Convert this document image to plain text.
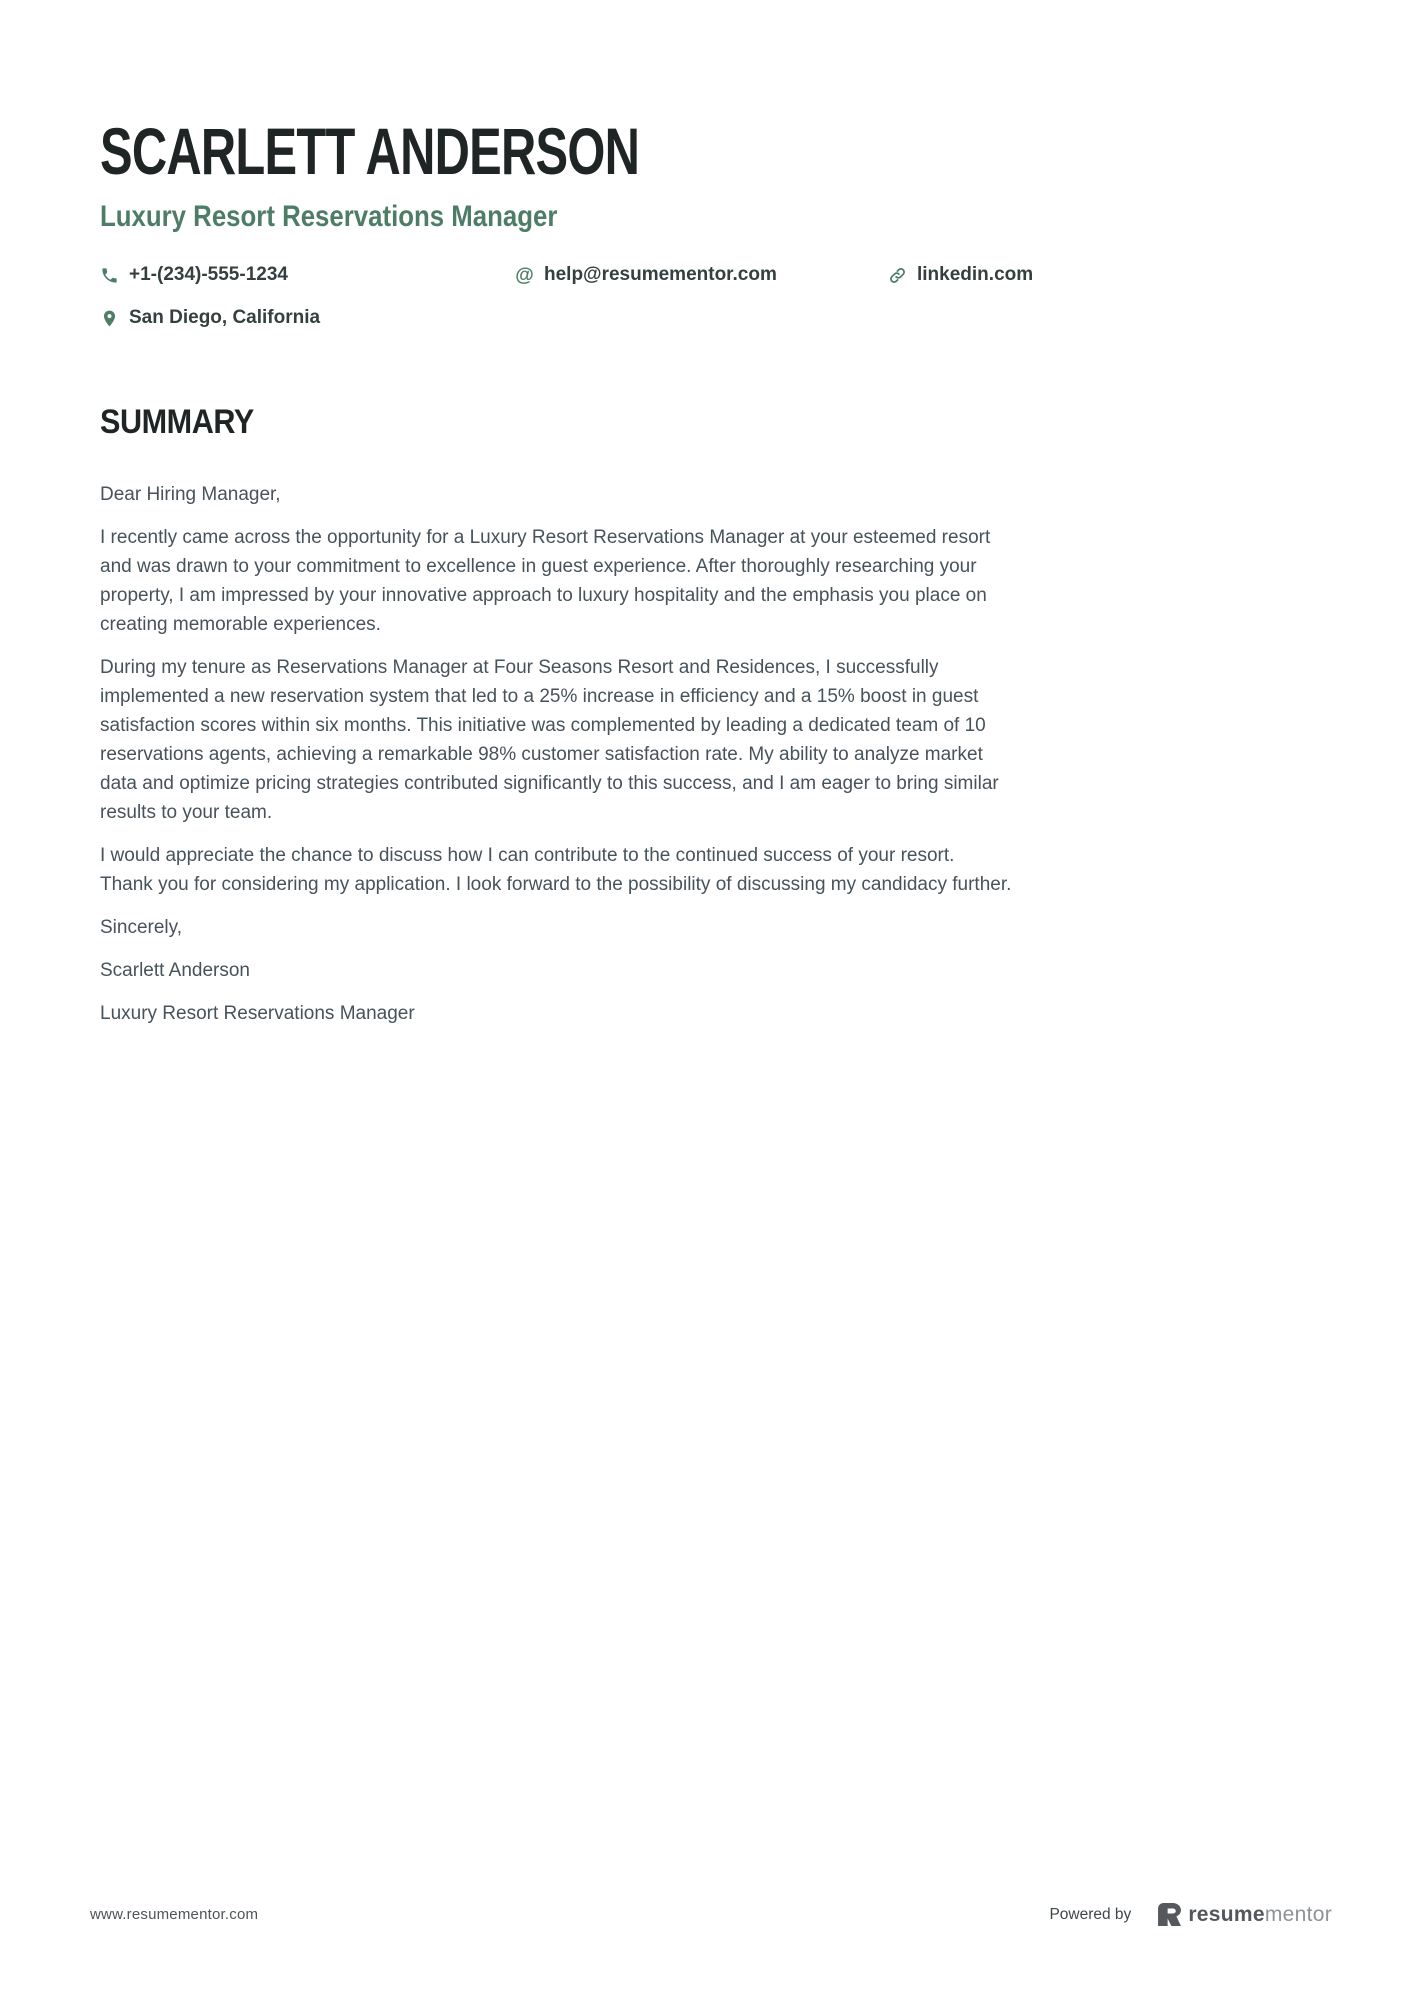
SCARLETT ANDERSON
Luxury Resort Reservations Manager
+1-(234)-555-1234	@ help@resumementor.com	linkedin.com
San Diego, California
SUMMARY

Dear Hiring Manager,

I recently came across the opportunity for a Luxury Resort Reservations Manager at your esteemed resort and was drawn to your commitment to excellence in guest experience. After thoroughly researching your property, I am impressed by your innovative approach to luxury hospitality and the emphasis you place on creating memorable experiences.

During my tenure as Reservations Manager at Four Seasons Resort and Residences, I successfully implemented a new reservation system that led to a 25% increase in efficiency and a 15% boost in guest satisfaction scores within six months. This initiative was complemented by leading a dedicated team of 10 reservations agents, achieving a remarkable 98% customer satisfaction rate. My ability to analyze market data and optimize pricing strategies contributed significantly to this success, and I am eager to bring similar results to your team.

I would appreciate the chance to discuss how I can contribute to the continued success of your resort. Thank you for considering my application. I look forward to the possibility of discussing my candidacy further.

Sincerely,

Scarlett Anderson

Luxury Resort Reservations Manager

www.resumementor.com	Powered by	resumementor
